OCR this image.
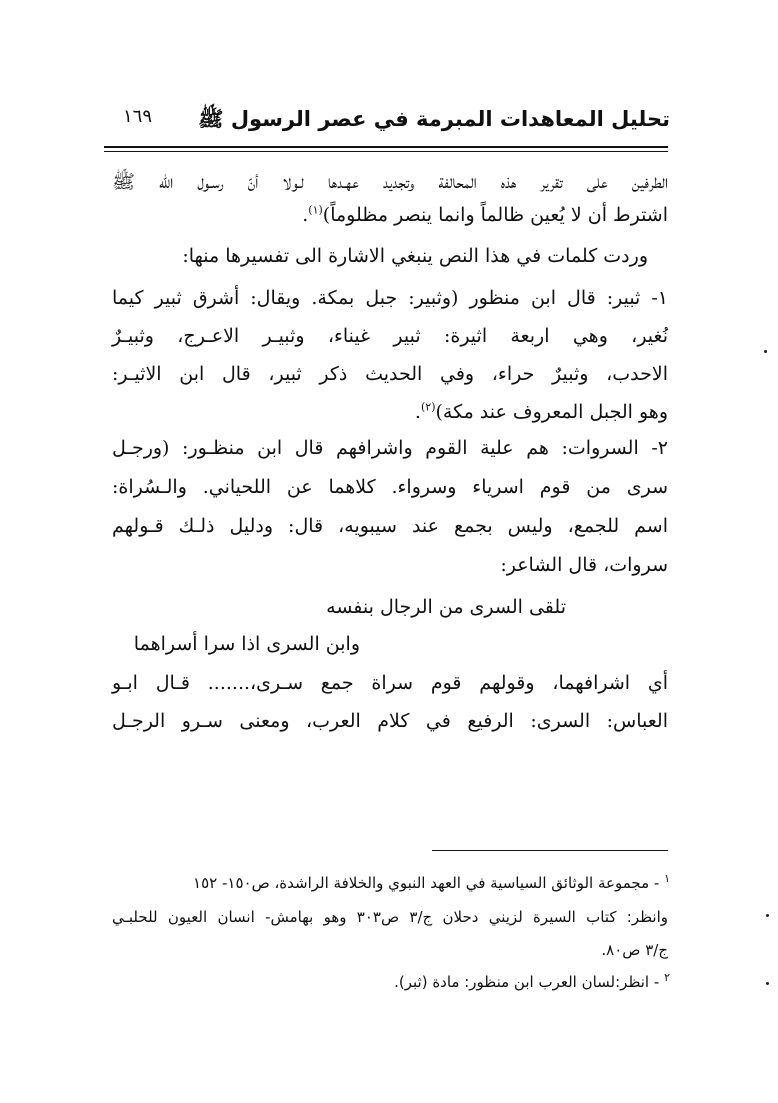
تحليل المعاهدات المبرمة في عصر الرسول ﷺ
١٦٩
الطرفين على تقرير هذه المحالفة وتجديد عهـدها لـولا أنّ رسـول الله ﷺ
اشترط أن لا يُعين ظالماً وانما ينصر مظلوماً)$^{(١)}$.
وردت كلمات في هذا النص ينبغي الاشارة الى تفسيرها منها:
١- ثبير: قال ابن منظور (وثبير: جبل بمكة. ويقال: أشرق ثبير كيما
نُغير، وهي اربعة اثيرة: ثبير غيناء، وثبيـر الاعـرج، وثبيـرٌ
الاحدب، وثبيرٌ حراء، وفي الحديث ذكر ثبير، قال ابن الاثيـر:
وهو الجبل المعروف عند مكة)$^{(٢)}$.
٢- السروات: هم علية القوم واشرافهم قال ابن منظـور: (ورجـل
سرى من قوم اسرياء وسرواء. كلاهما عن اللحياني. والـسُراة:
اسم للجمع، وليس بجمع عند سيبويه، قال: ودليل ذلـك قـولهم
سروات، قال الشاعر:
تلقى السرى من الرجال بنفسه
وابن السرى اذا سرا أسراهما
أي اشرافهما، وقولهم قوم سراة جمع سـرى،....... قـال ابـو
العباس: السرى: الرفيع في كلام العرب، ومعنى سـرو الرجـل
$^١$ - مجموعة الوثائق السياسية في العهد النبوي والخلافة الراشدة، ص١٥٠- ١٥٢
وانظر: كتاب السيرة لزيني دحلان ج/٣ ص٣٠٣ وهو بهامش- انسان العيون للحلبـي
ج/٣ ص٨٠.
$^٢$ - انظر:لسان العرب ابن منظور: مادة (ثبر).
